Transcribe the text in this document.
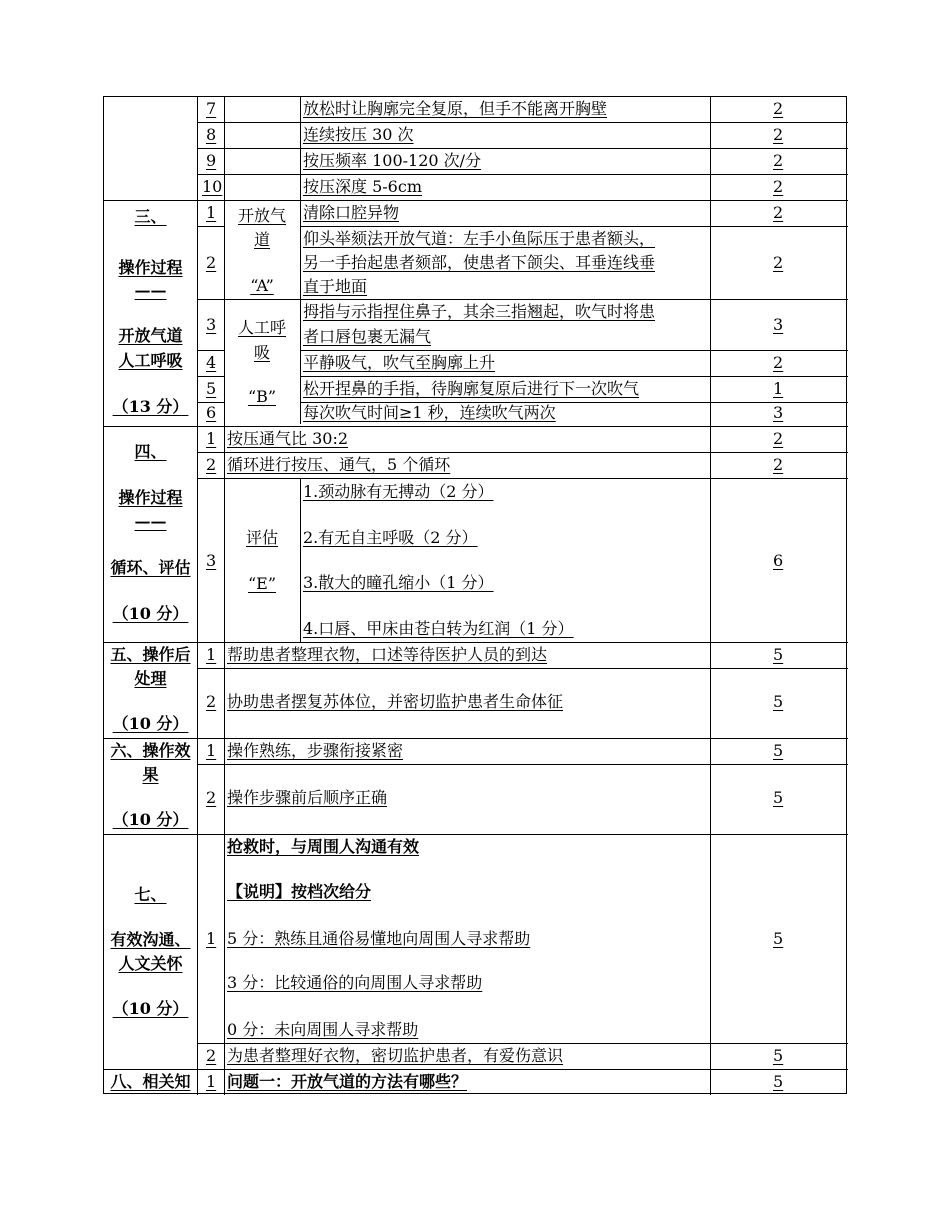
三、
操作过程
——
开放气道
人工呼吸
（13 分）
四、
操作过程
——
循环、评估
（10 分）
五、操作后
处理
（10 分）
六、操作效
果
（10 分）
七、
有效沟通、
人文关怀
（10 分）
八、相关知
开放气
道
“A”
人工呼
吸
“B”
评估
“E”
7
8
9
10
1
2
3
4
5
6
1
2
3
1
2
1
2
1
2
1
放松时让胸廓完全复原，但手不能离开胸壁
连续按压 30 次
按压频率 100-120 次/分
按压深度 5-6cm
清除口腔异物
仰头举颏法开放气道：左手小鱼际压于患者额头，
另一手抬起患者颏部，使患者下颌尖、耳垂连线垂
直于地面
拇指与示指捏住鼻子，其余三指翘起，吹气时将患
者口唇包裹无漏气
平静吸气，吹气至胸廓上升
松开捏鼻的手指，待胸廓复原后进行下一次吹气
每次吹气时间≥1 秒，连续吹气两次
按压通气比 30:2
循环进行按压、通气，5 个循环
1.颈动脉有无搏动（2 分）
2.有无自主呼吸（2 分）
3.散大的瞳孔缩小（1 分）
4.口唇、甲床由苍白转为红润（1 分）
帮助患者整理衣物，口述等待医护人员的到达
协助患者摆复苏体位，并密切监护患者生命体征
操作熟练，步骤衔接紧密
操作步骤前后顺序正确
抢救时，与周围人沟通有效
【说明】按档次给分
5 分：熟练且通俗易懂地向周围人寻求帮助
3 分：比较通俗的向周围人寻求帮助
0 分：未向周围人寻求帮助
为患者整理好衣物，密切监护患者，有爱伤意识
问题一：开放气道的方法有哪些？
2
2
2
2
2
2
3
2
1
3
2
2
6
5
5
5
5
5
5
5
